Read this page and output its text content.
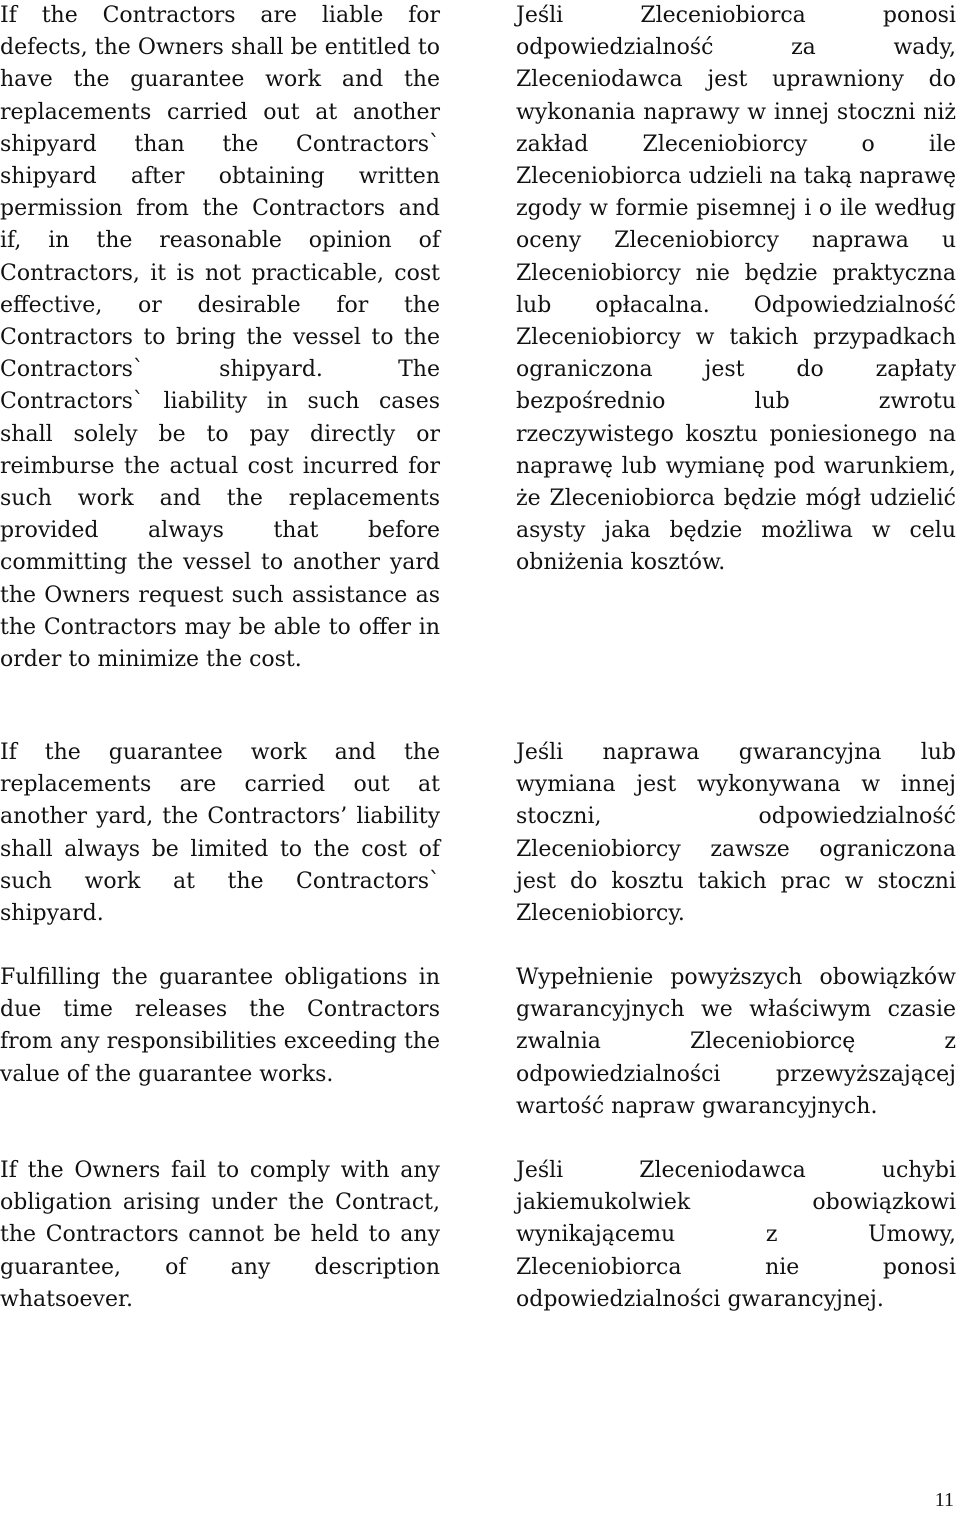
If the Contractors are liable for defects, the Owners shall be entitled to have the guarantee work and the replacements carried out at another shipyard than the Contractors` shipyard after obtaining written permission from the Contractors and if, in the reasonable opinion of Contractors, it is not practicable, cost effective, or desirable for the Contractors to bring the vessel to the Contractors` shipyard. The Contractors` liability in such cases shall solely be to pay directly or reimburse the actual cost incurred for such work and the replacements provided always that before committing the vessel to another yard the Owners request such assistance as the Contractors may be able to offer in order to minimize the cost.

Jeśli Zleceniobiorca ponosi odpowiedzialność za wady, Zleceniodawca jest uprawniony do wykonania naprawy w innej stoczni niż zakład Zleceniobiorcy o ile Zleceniobiorca udzieli na taką naprawę zgody w formie pisemnej i o ile według oceny Zleceniobiorcy naprawa u Zleceniobiorcy nie będzie praktyczna lub opłacalna. Odpowiedzialność Zleceniobiorcy w takich przypadkach ograniczona jest do zapłaty bezpośrednio lub zwrotu rzeczywistego kosztu poniesionego na naprawę lub wymianę pod warunkiem, że Zleceniobiorca będzie mógł udzielić asysty jaka będzie możliwa w celu obniżenia kosztów.

If the guarantee work and the replacements are carried out at another yard, the Contractors’ liability shall always be limited to the cost of such work at the Contractors` shipyard.

Jeśli naprawa gwarancyjna lub wymiana jest wykonywana w innej stoczni, odpowiedzialność Zleceniobiorcy zawsze ograniczona jest do kosztu takich prac w stoczni Zleceniobiorcy.

Fulfilling the guarantee obligations in due time releases the Contractors from any responsibilities exceeding the value of the guarantee works.

Wypełnienie powyższych obowiązków gwarancyjnych we właściwym czasie zwalnia Zleceniobiorcę z odpowiedzialności przewyższającej wartość napraw gwarancyjnych.

If the Owners fail to comply with any obligation arising under the Contract, the Contractors cannot be held to any guarantee, of any description whatsoever.

Jeśli Zleceniodawca uchybi jakiemukolwiek obowiązkowi wynikającemu z Umowy, Zleceniobiorca nie ponosi odpowiedzialności gwarancyjnej.

11
